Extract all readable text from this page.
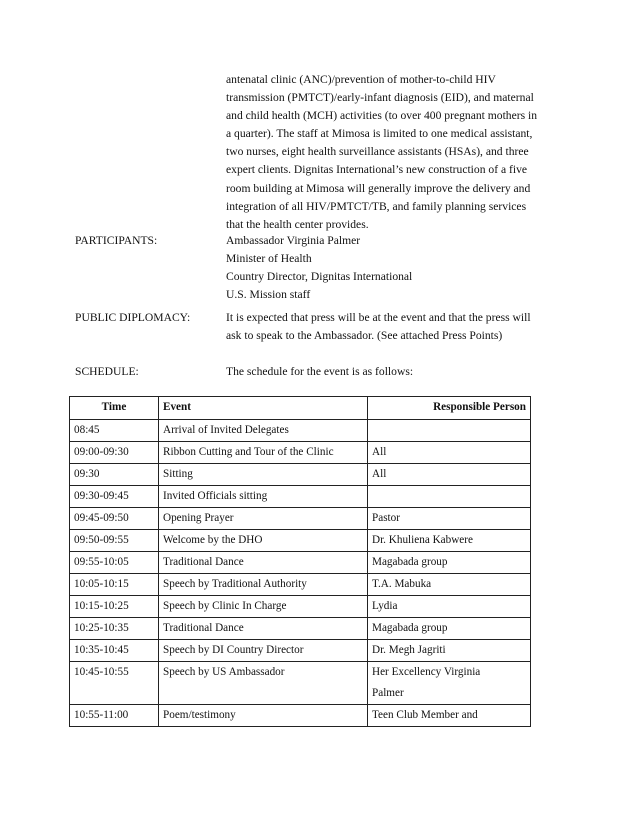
antenatal clinic (ANC)/prevention of mother-to-child HIV
transmission (PMTCT)/early-infant diagnosis (EID), and maternal
and child health (MCH) activities (to over 400 pregnant mothers in
a quarter). The staff at Mimosa is limited to one medical assistant,
two nurses, eight health surveillance assistants (HSAs), and three
expert clients. Dignitas International’s new construction of a five
room building at Mimosa will generally improve the delivery and
integration of all HIV/PMTCT/TB, and family planning services
that the health center provides.
PARTICIPANTS:	Ambassador Virginia Palmer
Minister of Health
Country Director, Dignitas International
U.S. Mission staff
PUBLIC DIPLOMACY:	It is expected that press will be at the event and that the press will
ask to speak to the Ambassador. (See attached Press Points)
SCHEDULE:	The schedule for the event is as follows:
Time	Event	Responsible Person
08:45	Arrival of Invited Delegates	

09:00-09:30	Ribbon Cutting and Tour of the Clinic	All

09:30	Sitting	All

09:30-09:45	Invited Officials sitting	

09:45-09:50	Opening Prayer	Pastor

09:50-09:55	Welcome by the DHO	Dr. Khuliena Kabwere

09:55-10:05	Traditional Dance	Magabada group

10:05-10:15	Speech by Traditional Authority	T.A. Mabuka

10:15-10:25	Speech by Clinic In Charge	Lydia

10:25-10:35	Traditional Dance	Magabada group

10:35-10:45	Speech by DI Country Director	Dr. Megh Jagriti

10:45-10:55	Speech by US Ambassador	Her Excellency Virginia
Palmer

10:55-11:00	Poem/testimony	Teen Club Member and
